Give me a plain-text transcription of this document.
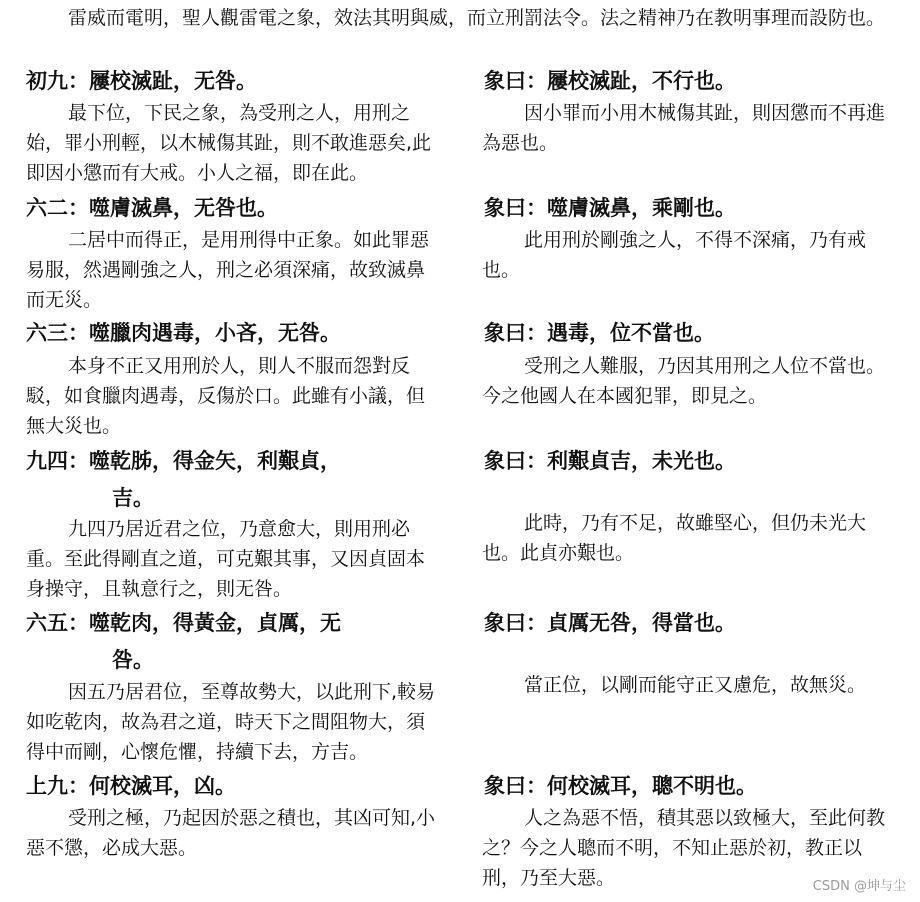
雷威而電明，聖人觀雷電之象，效法其明與威，而立刑罰法令。法之精神乃在教明事理而設防也。

初九：屨校滅趾，无咎。	象曰：屨校滅趾，不行也。

最下位，下民之象，為受刑之人，用刑之始，罪小刑輕，以木械傷其趾，則不敢進惡矣,此即因小懲而有大戒。小人之福，即在此。

因小罪而小用木械傷其趾，則因懲而不再進為惡也。

六二：噬膚滅鼻，无咎也。	象曰：噬膚滅鼻，乘剛也。

二居中而得正，是用刑得中正象。如此罪惡易服，然遇剛強之人，刑之必須深痛，故致滅鼻而无災。

此用刑於剛強之人，不得不深痛，乃有戒也。

六三：噬臘肉遇毒，小吝，无咎。	象曰：遇毒，位不當也。

本身不正又用刑於人，則人不服而怨對反駁，如食臘肉遇毒，反傷於口。此雖有小議，但無大災也。

受刑之人難服，乃因其用刑之人位不當也。今之他國人在本國犯罪，即見之。

九四：噬乾胏，得金矢，利艱貞，
吉。
象曰：利艱貞吉，未光也。

九四乃居近君之位，乃意愈大，則用刑必重。至此得剛直之道，可克艱其事，又因貞固本身操守，且執意行之，則无咎。

此時，乃有不足，故雖堅心，但仍未光大也。此貞亦艱也。

六五：噬乾肉，得黃金，貞厲，无
咎。
象曰：貞厲无咎，得當也。

因五乃居君位，至尊故勢大，以此刑下,較易如吃乾肉，故為君之道，時天下之間阻物大，須得中而剛，心懷危懼，持續下去，方吉。

當正位，以剛而能守正又慮危，故無災。

上九：何校滅耳，凶。	象曰：何校滅耳，聰不明也。

受刑之極，乃起因於惡之積也，其凶可知,小惡不懲，必成大惡。

人之為惡不悟，積其惡以致極大，至此何教之？今之人聰而不明，不知止惡於初，教正以刑，乃至大惡。	CSDN @坤与尘
